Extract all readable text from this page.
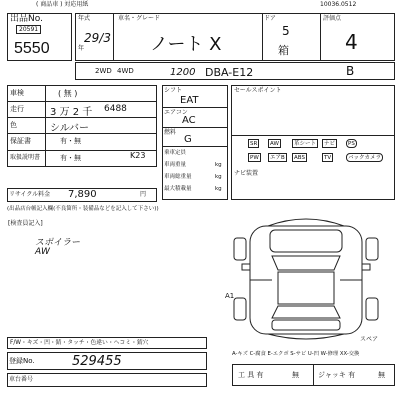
( 商品車 ) 対応用紙	10036.0512
出品No.
20591
5550
年式
29/3
年
車名・グレード
ノート X
ドア
5
箱
評価点
4
2WD 4WD	1200 DBA-E12	B
車検	( 無 )
走行	3 万 2 千 6488
色	シルバー
K23
保証書	有・無
取扱説明書	有・無
リサイクル料金 7,890	円
(出品店台帳記入欄(不良箇所・装備品などを記入して下さい))
シフト
EAT
エアコン
AC
燃料
G
乗車定員
車両重量
車両総重量
最大積載量
kg
kg
kg
セールスポイント
SR	AW	革シート	ナビ	PS
PW	エアB	ABS	TV	バックカメラ
ナビ装置
[検査員記入]
スポイラー
AW
A1
スペア
F/W・キズ・凹・錆・タッチ・色違い・ヘコミ・錆穴
登録No.	529455
車台番号
A-キズ C-腐食 E-エクボ S-サビ U-凹 W-修理 XX-交換
工 具 有	無	ジャッキ 有	無
